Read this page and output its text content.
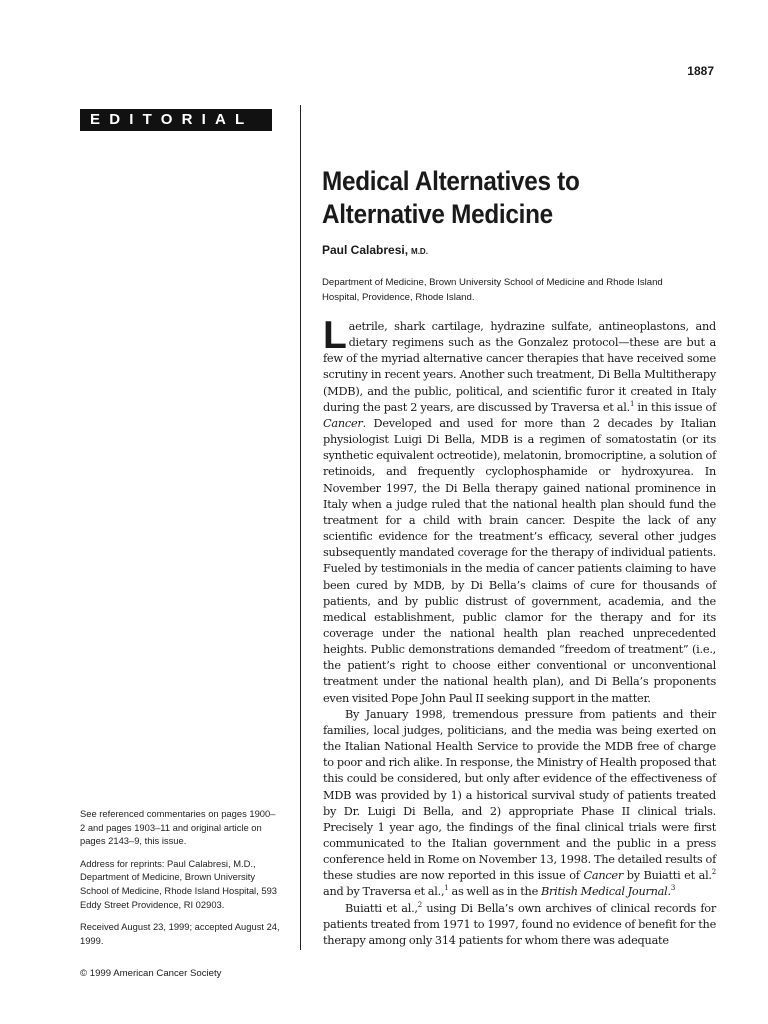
1887
EDITORIAL
Medical Alternatives to
Alternative Medicine
Paul Calabresi, M.D.
Department of Medicine, Brown University School of Medicine and Rhode Island Hospital, Providence, Rhode Island.

Laetrile, shark cartilage, hydrazine sulfate, antineoplastons, and dietary regimens such as the Gonzalez protocol—these are but a few of the myriad alternative cancer therapies that have received some scrutiny in recent years. Another such treatment, Di Bella Multitherapy (MDB), and the public, political, and scientific furor it created in Italy during the past 2 years, are discussed by Traversa et al.$^1$ in this issue of Cancer. Developed and used for more than 2 decades by Italian physiologist Luigi Di Bella, MDB is a regimen of somatostatin (or its synthetic equivalent octreotide), melatonin, bromocriptine, a solution of retinoids, and frequently cyclophosphamide or hydroxyurea. In November 1997, the Di Bella therapy gained national prominence in Italy when a judge ruled that the national health plan should fund the treatment for a child with brain cancer. Despite the lack of any scientific evidence for the treatment’s efficacy, several other judges subsequently mandated coverage for the therapy of individual patients. Fueled by testimonials in the media of cancer patients claiming to have been cured by MDB, by Di Bella’s claims of cure for thousands of patients, and by public distrust of government, academia, and the medical establishment, public clamor for the therapy and for its coverage under the national health plan reached unprecedented heights. Public demonstrations demanded “freedom of treatment” (i.e., the patient’s right to choose either conventional or unconventional treatment under the national health plan), and Di Bella’s proponents even visited Pope John Paul II seeking support in the matter.

By January 1998, tremendous pressure from patients and their families, local judges, politicians, and the media was being exerted on the Italian National Health Service to provide the MDB free of charge to poor and rich alike. In response, the Ministry of Health proposed that this could be considered, but only after evidence of the effectiveness of MDB was provided by 1) a historical survival study of patients treated by Dr. Luigi Di Bella, and 2) appropriate Phase II clinical trials. Precisely 1 year ago, the findings of the final clinical trials were first communicated to the Italian government and the public in a press conference held in Rome on November 13, 1998. The detailed results of these studies are now reported in this issue of Cancer by Buiatti et al.$^2$ and by Traversa et al.,$^1$ as well as in the British Medical Journal.$^3$

Buiatti et al.,$^2$ using Di Bella’s own archives of clinical records for patients treated from 1971 to 1997, found no evidence of benefit for the therapy among only 314 patients for whom there was adequate

See referenced commentaries on pages 1900–2 and pages 1903–11 and original article on pages 2143–9, this issue.

Address for reprints: Paul Calabresi, M.D., Department of Medicine, Brown University School of Medicine, Rhode Island Hospital, 593 Eddy Street Providence, RI 02903.

Received August 23, 1999; accepted August 24, 1999.

© 1999 American Cancer Society
